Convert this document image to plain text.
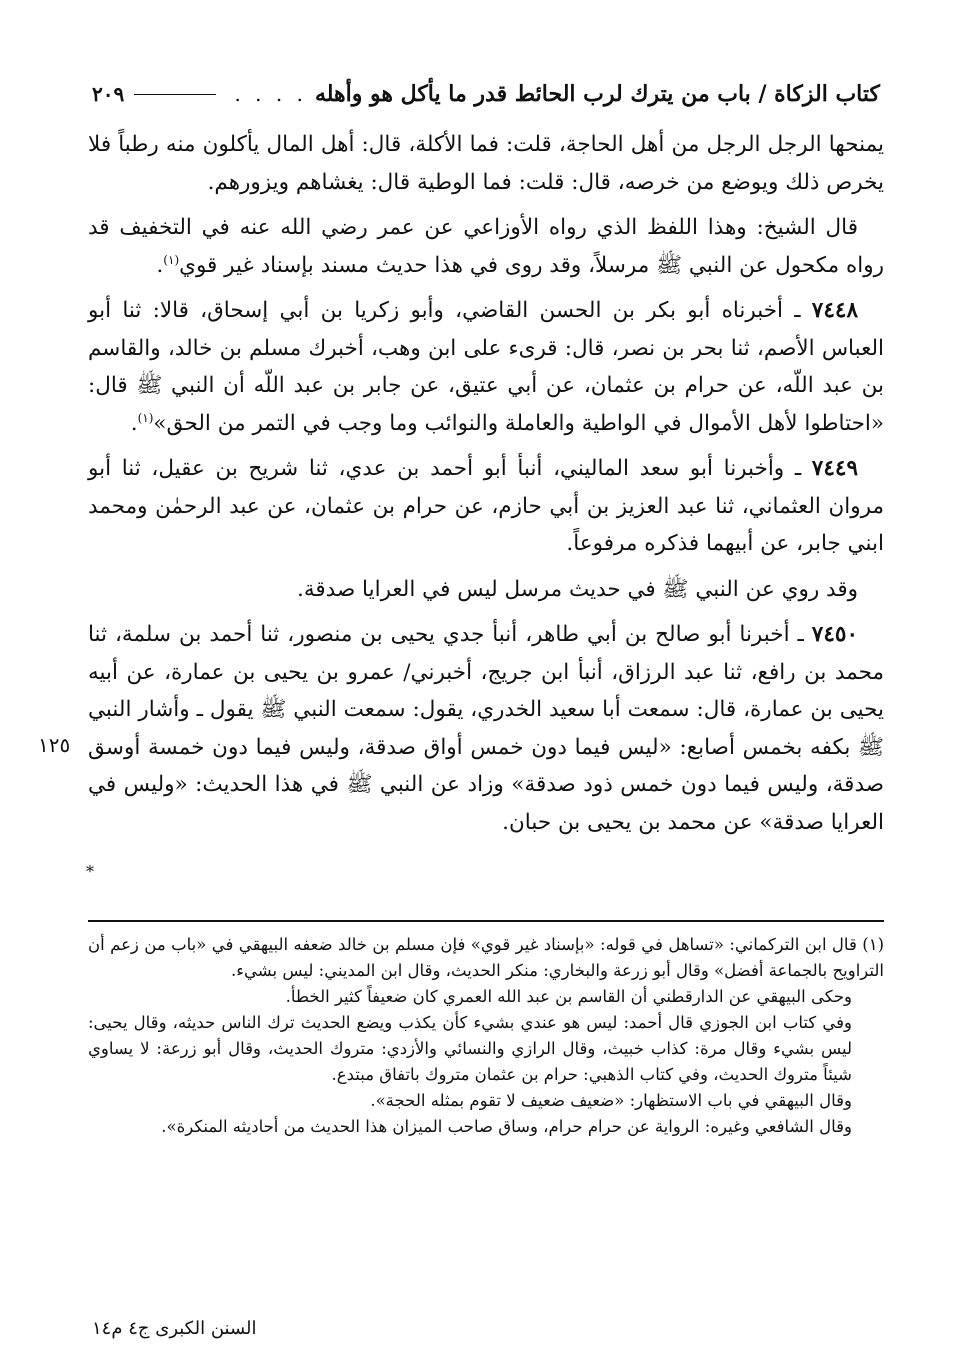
كتاب الزكاة / باب من يترك لرب الحائط قدر ما يأكل هو وأهله
. . . .
٢٠٩

يمنحها الرجل الرجل من أهل الحاجة، قلت: فما الأكلة، قال: أهل المال يأكلون منه رطباً فلا يخرص ذلك ويوضع من خرصه، قال: قلت: فما الوطية قال: يغشاهم ويزورهم.

قال الشيخ: وهذا اللفظ الذي رواه الأوزاعي عن عمر رضي الله عنه في التخفيف قد رواه مكحول عن النبي ﷺ مرسلاً، وقد روى في هذا حديث مسند بإسناد غير قوي$^{(١)}$.

٧٤٤٨ ـ أخبرناه أبو بكر بن الحسن القاضي، وأبو زكريا بن أبي إسحاق، قالا: ثنا أبو العباس الأصم، ثنا بحر بن نصر، قال: قرىء على ابن وهب، أخبرك مسلم بن خالد، والقاسم بن عبد اللّه، عن حرام بن عثمان، عن أبي عتيق، عن جابر بن عبد اللّه أن النبي ﷺ قال: «احتاطوا لأهل الأموال في الواطية والعاملة والنوائب وما وجب في التمر من الحق»$^{(١)}$.

٧٤٤٩ ـ وأخبرنا أبو سعد الماليني، أنبأ أبو أحمد بن عدي، ثنا شريح بن عقيل، ثنا أبو مروان العثماني، ثنا عبد العزيز بن أبي حازم، عن حرام بن عثمان، عن عبد الرحمٰن ومحمد ابني جابر، عن أبيهما فذكره مرفوعاً.

وقد روي عن النبي ﷺ في حديث مرسل ليس في العرايا صدقة.

٧٤٥٠ ـ أخبرنا أبو صالح بن أبي طاهر، أنبأ جدي يحيى بن منصور، ثنا أحمد بن سلمة، ثنا محمد بن رافع، ثنا عبد الرزاق، أنبأ ابن جريج، أخبرني/ عمرو بن يحيى بن عمارة، عن أبيه يحيى بن عمارة، قال: سمعت أبا سعيد الخدري، يقول: سمعت النبي ﷺ يقول ـ وأشار النبي ﷺ بكفه بخمس أصابع: «ليس فيما دون خمس أواق صدقة، وليس فيما دون خمسة أوسق صدقة، وليس فيما دون خمس ذود صدقة» وزاد عن النبي ﷺ في هذا الحديث: «وليس في العرايا صدقة» عن محمد بن يحيى بن حبان.

١٢٥
*

(١) قال ابن التركماني: «تساهل في قوله: «بإسناد غير قوي» فإن مسلم بن خالد ضعفه البيهقي في «باب من زعم أن التراويح بالجماعة أفضل» وقال أبو زرعة والبخاري: منكر الحديث، وقال ابن المديني: ليس بشيء.

وحكى البيهقي عن الدارقطني أن القاسم بن عبد الله العمري كان ضعيفاً كثير الخطأ.

وفي كتاب ابن الجوزي قال أحمد: ليس هو عندي بشيء كأن يكذب ويضع الحديث ترك الناس حديثه، وقال يحيى: ليس بشيء وقال مرة: كذاب خبيث، وقال الرازي والنسائي والأزدي: متروك الحديث، وقال أبو زرعة: لا يساوي شيئاً متروك الحديث، وفي كتاب الذهبي: حرام بن عثمان متروك باتفاق مبتدع.

وقال البيهقي في باب الاستظهار: «ضعيف ضعيف لا تقوم بمثله الحجة».

وقال الشافعي وغيره: الرواية عن حرام حرام، وساق صاحب الميزان هذا الحديث من أحاديثه المنكرة».

السنن الكبرى ج٤ م١٤
